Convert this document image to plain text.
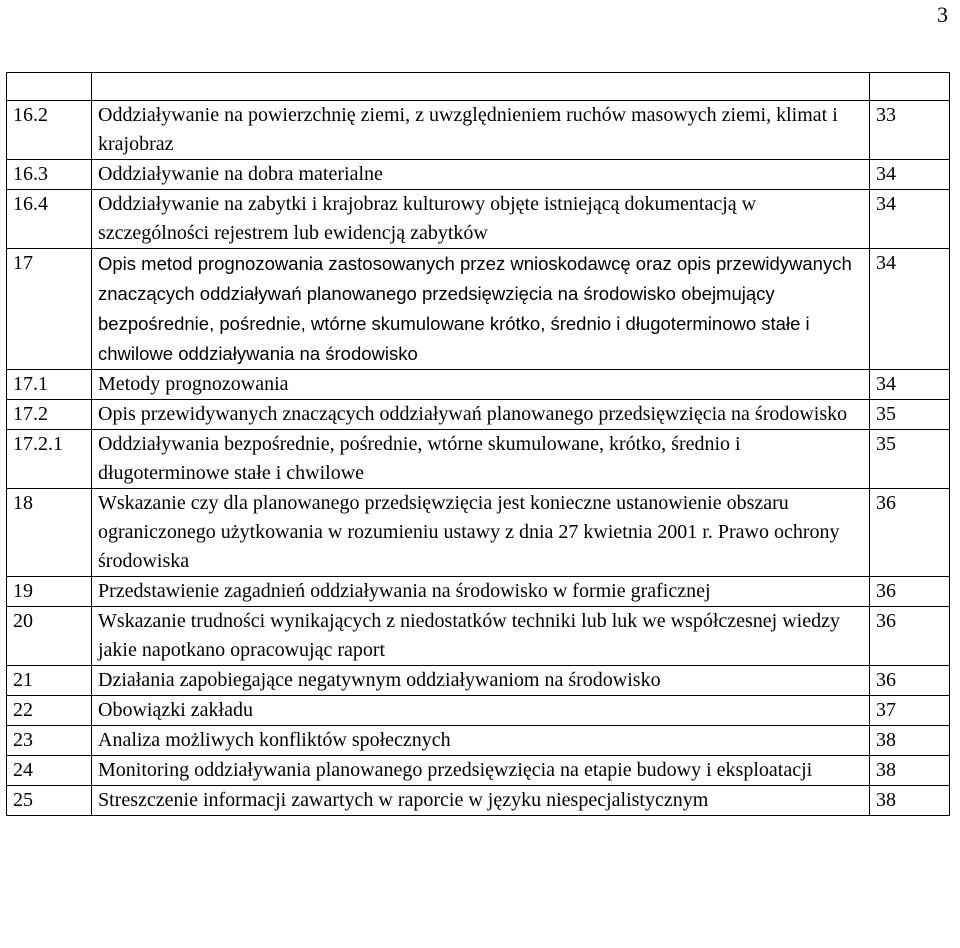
3

16.2	Oddziaływanie na powierzchnię ziemi, z uwzględnieniem ruchów masowych ziemi, klimat i krajobraz	33
16.3	Oddziaływanie na dobra materialne	34
16.4	Oddziaływanie na zabytki i krajobraz kulturowy objęte istniejącą dokumentacją w szczególności rejestrem lub ewidencją zabytków	34
17	Opis metod prognozowania zastosowanych przez wnioskodawcę oraz opis przewidywanych znaczących oddziaływań planowanego przedsięwzięcia na środowisko obejmujący bezpośrednie, pośrednie, wtórne skumulowane krótko, średnio i długoterminowo stałe i chwilowe oddziaływania na środowisko	34
17.1	Metody prognozowania	34
17.2	Opis przewidywanych znaczących oddziaływań planowanego przedsięwzięcia na środowisko	35
17.2.1	Oddziaływania bezpośrednie, pośrednie, wtórne skumulowane, krótko, średnio i długoterminowe stałe i chwilowe	35
18	Wskazanie czy dla planowanego przedsięwzięcia jest konieczne ustanowienie obszaru ograniczonego użytkowania w rozumieniu ustawy z dnia 27 kwietnia 2001 r. Prawo ochrony środowiska	36
19	Przedstawienie zagadnień oddziaływania na środowisko w formie graficznej	36
20	Wskazanie trudności wynikających z niedostatków techniki lub luk we współczesnej wiedzy jakie napotkano opracowując raport	36
21	Działania zapobiegające negatywnym oddziaływaniom na środowisko	36
22	Obowiązki zakładu	37
23	Analiza możliwych konfliktów społecznych	38
24	Monitoring oddziaływania planowanego przedsięwzięcia na etapie budowy i eksploatacji	38
25	Streszczenie informacji zawartych w raporcie w języku niespecjalistycznym	38
